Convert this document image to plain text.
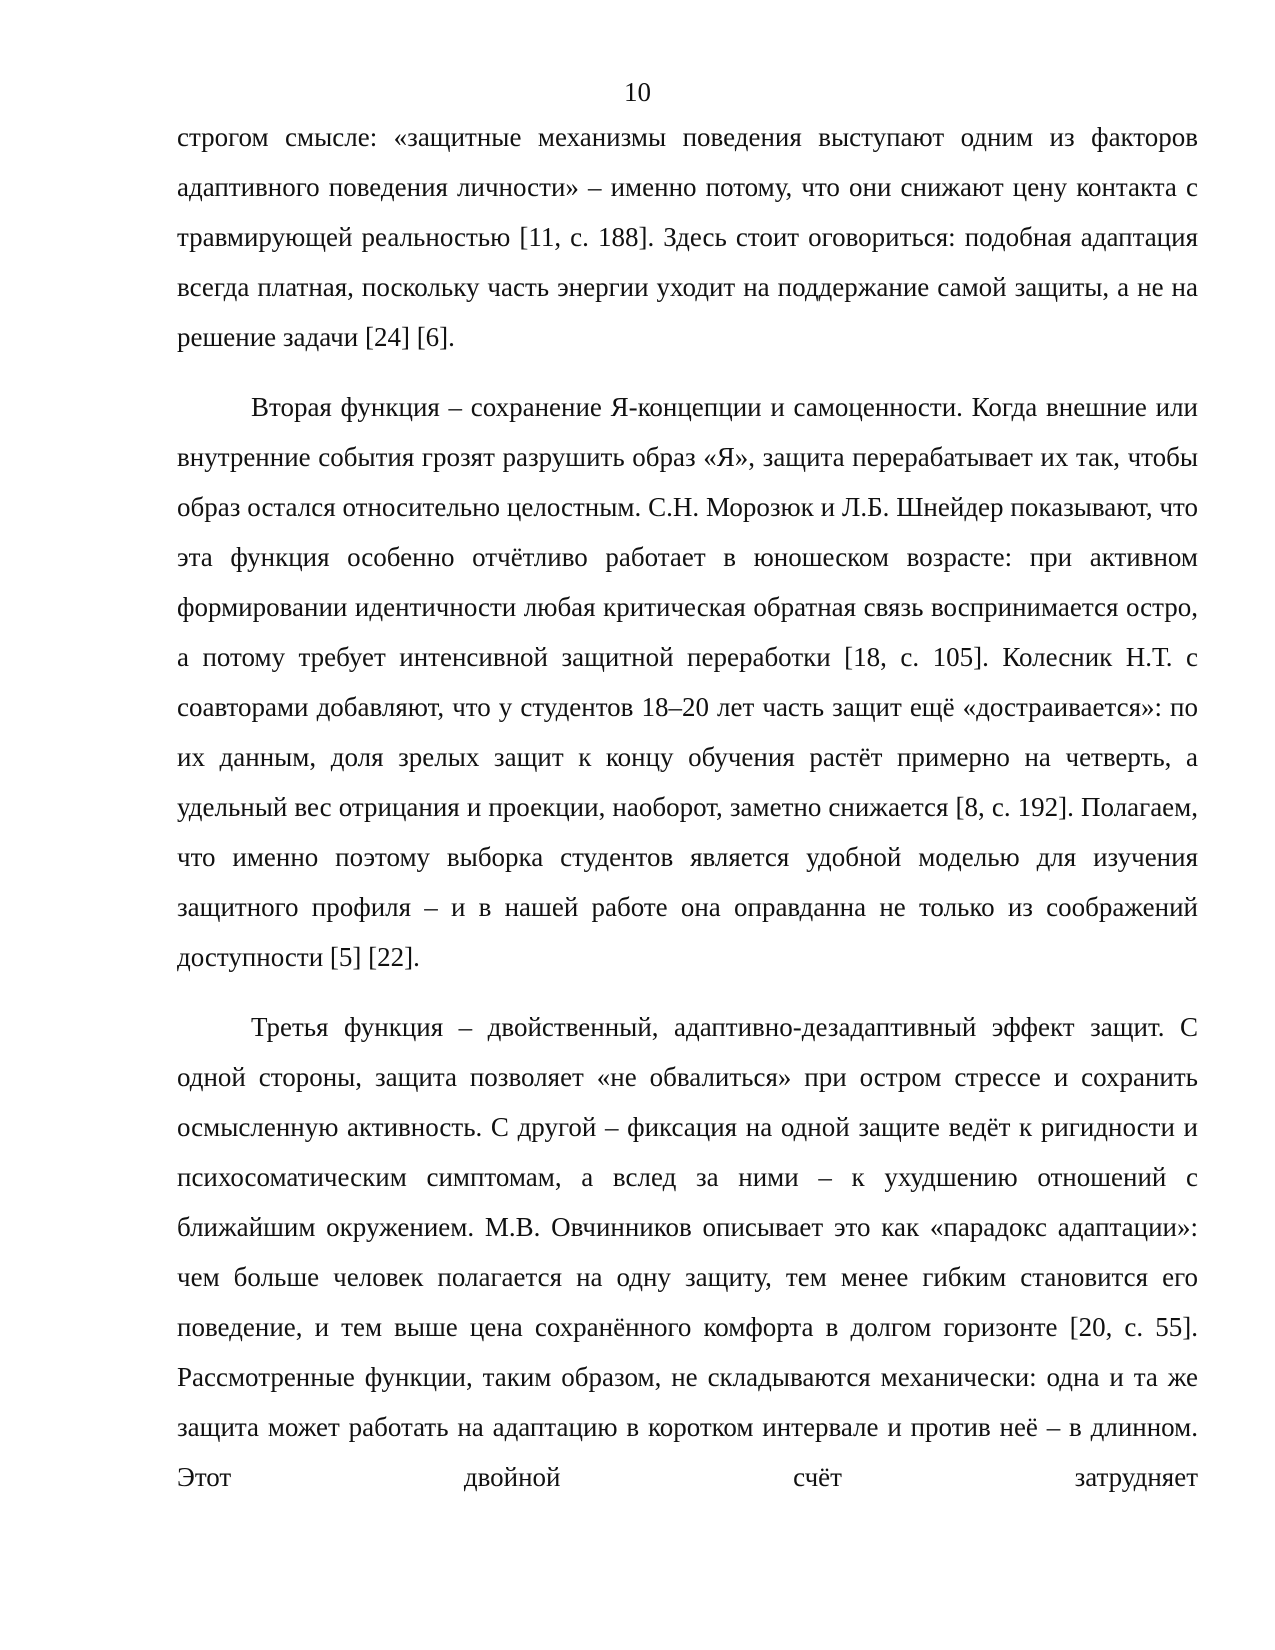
10

строгом смысле: «защитные механизмы поведения выступают одним из факторов адаптивного поведения личности» – именно потому, что они снижают цену контакта с травмирующей реальностью [11, с. 188]. Здесь стоит оговориться: подобная адаптация всегда платная, поскольку часть энергии уходит на поддержание самой защиты, а не на решение задачи [24] [6].

Вторая функция – сохранение Я-концепции и самоценности. Когда внешние или внутренние события грозят разрушить образ «Я», защита перерабатывает их так, чтобы образ остался относительно целостным. С.Н. Морозюк и Л.Б. Шнейдер показывают, что эта функция особенно отчётливо работает в юношеском возрасте: при активном формировании идентичности любая критическая обратная связь воспринимается остро, а потому требует интенсивной защитной переработки [18, с. 105]. Колесник Н.Т. с соавторами добавляют, что у студентов 18–20 лет часть защит ещё «достраивается»: по их данным, доля зрелых защит к концу обучения растёт примерно на четверть, а удельный вес отрицания и проекции, наоборот, заметно снижается [8, с. 192]. Полагаем, что именно поэтому выборка студентов является удобной моделью для изучения защитного профиля – и в нашей работе она оправданна не только из соображений доступности [5] [22].

Третья функция – двойственный, адаптивно-дезадаптивный эффект защит. С одной стороны, защита позволяет «не обвалиться» при остром стрессе и сохранить осмысленную активность. С другой – фиксация на одной защите ведёт к ригидности и психосоматическим симптомам, а вслед за ними – к ухудшению отношений с ближайшим окружением. М.В. Овчинников описывает это как «парадокс адаптации»: чем больше человек полагается на одну защиту, тем менее гибким становится его поведение, и тем выше цена сохранённого комфорта в долгом горизонте [20, с. 55]. Рассмотренные функции, таким образом, не складываются механически: одна и та же защита может работать на адаптацию в коротком интервале и против неё – в длинном. Этот двойной счёт затрудняет
